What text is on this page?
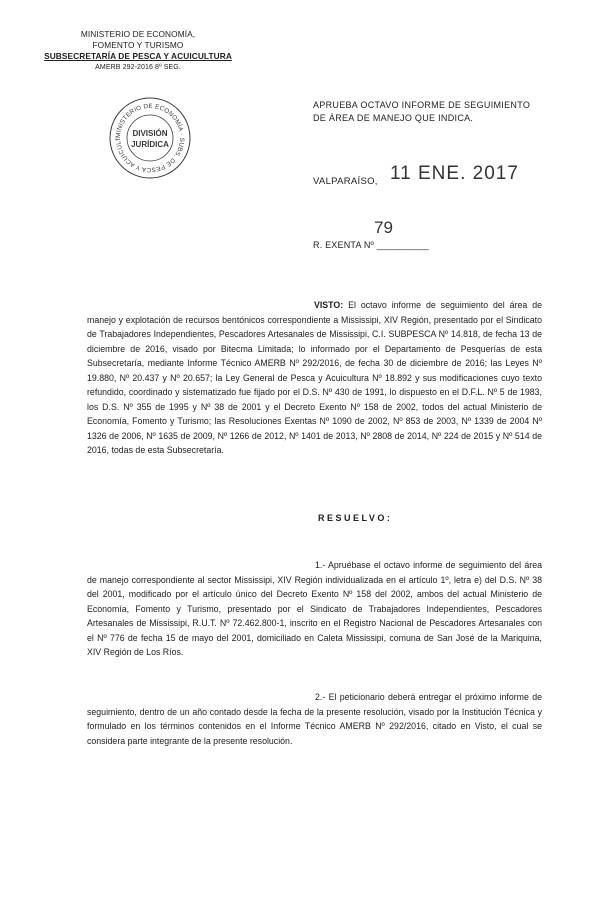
MINISTERIO DE ECONOMÍA,
FOMENTO Y TURISMO
SUBSECRETARÍA DE PESCA Y ACUICULTURA
AMERB 292-2016 8º SEG.
MINISTERIO DE ECONOMÍA · SUBS. DE PESCA Y ACUICULT
DIVISIÓN
JURÍDICA
APRUEBA OCTAVO INFORME DE SEGUIMIENTO
DE ÁREA DE MANEJO QUE INDICA.
VALPARAÍSO, 11 ENE. 2017
79
R. EXENTA Nº __________
VISTO: El octavo informe de seguimiento del área de manejo y explotación de recursos bentónicos correspondiente a Mississipi, XIV Región, presentado por el Sindicato de Trabajadores Independientes, Pescadores Artesanales de Mississipi, C.I. SUBPESCA Nº 14.818, de fecha 13 de diciembre de 2016, visado por Bitecma Limitada; lo informado por el Departamento de Pesquerías de esta Subsecretaría, mediante Informe Técnico AMERB Nº 292/2016, de fecha 30 de diciembre de 2016; las Leyes Nº 19.880, Nº 20.437 y Nº 20.657; la Ley General de Pesca y Acuicultura Nº 18.892 y sus modificaciones cuyo texto refundido, coordinado y sistematizado fue fijado por el D.S. Nº 430 de 1991, lo dispuesto en el D.F.L. Nº 5 de 1983, los D.S. Nº 355 de 1995 y Nº 38 de 2001 y el Decreto Exento Nº 158 de 2002, todos del actual Ministerio de Economía, Fomento y Turismo; las Resoluciones Exentas Nº 1090 de 2002, Nº 853 de 2003, Nº 1339 de 2004 Nº 1326 de 2006, Nº 1635 de 2009, Nº 1266 de 2012, Nº 1401 de 2013, Nº 2808 de 2014, Nº 224 de 2015 y Nº 514 de 2016, todas de esta Subsecretaría.
RESUELVO:
1.- Apruébase el octavo informe de seguimiento del área de manejo correspondiente al sector Mississipi, XIV Región individualizada en el artículo 1º, letra e) del D.S. Nº 38 del 2001, modificado por el artículo único del Decreto Exento Nº 158 del 2002, ambos del actual Ministerio de Economía, Fomento y Turismo, presentado por el Sindicato de Trabajadores Independientes, Pescadores Artesanales de Mississipi, R.U.T. Nº 72.462.800-1, inscrito en el Registro Nacional de Pescadores Artesanales con el Nº 776 de fecha 15 de mayo del 2001, domiciliado en Caleta Mississipi, comuna de San José de la Mariquina, XIV Región de Los Ríos.
2.- El peticionario deberá entregar el próximo informe de seguimiento, dentro de un año contado desde la fecha de la presente resolución, visado por la Institución Técnica y formulado en los términos contenidos en el Informe Técnico AMERB Nº 292/2016, citado en Visto, el cual se considera parte integrante de la presente resolución.
